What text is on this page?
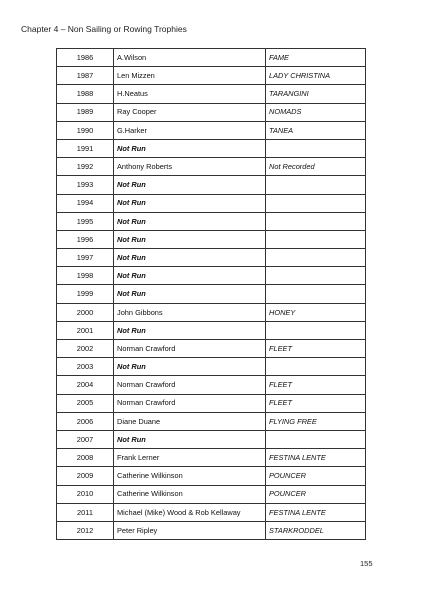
Chapter 4 – Non Sailing or Rowing Trophies
1986	A.Wilson	FAME
1987	Len Mizzen	LADY CHRISTINA
1988	H.Neatus	TARANGINI
1989	Ray Cooper	NOMADS
1990	G.Harker	TANEA
1991	Not Run	
1992	Anthony Roberts	Not Recorded
1993	Not Run	
1994	Not Run	
1995	Not Run	
1996	Not Run	
1997	Not Run	
1998	Not Run	
1999	Not Run	
2000	John Gibbons	HONEY
2001	Not Run	
2002	Norman Crawford	FLEET
2003	Not Run	
2004	Norman Crawford	FLEET
2005	Norman Crawford	FLEET
2006	Diane Duane	FLYING FREE
2007	Not Run	
2008	Frank Lerner	FESTINA LENTE
2009	Catherine Wilkinson	POUNCER
2010	Catherine Wilkinson	POUNCER
2011	Michael (Mike) Wood & Rob Kellaway	FESTINA LENTE
2012	Peter Ripley	STARKRODDEL
155
